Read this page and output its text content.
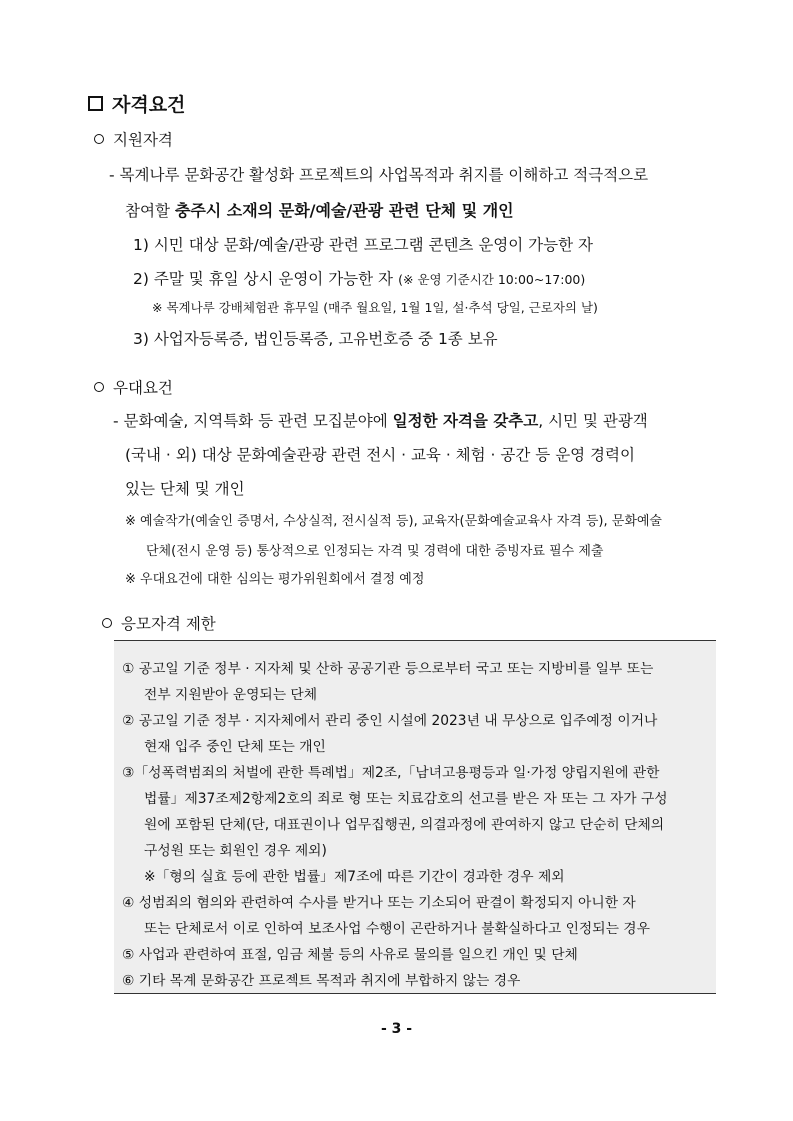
자격요건
지원자격
- 목계나루 문화공간 활성화 프로젝트의 사업목적과 취지를 이해하고 적극적으로
참여할 충주시 소재의 문화/예술/관광 관련 단체 및 개인
1) 시민 대상 문화/예술/관광 관련 프로그램 콘텐츠 운영이 가능한 자
2) 주말 및 휴일 상시 운영이 가능한 자 (※ 운영 기준시간 10:00~17:00)
※ 목계나루 강배체험관 휴무일 (매주 월요일, 1월 1일, 설·추석 당일, 근로자의 날)
3) 사업자등록증, 법인등록증, 고유번호증 중 1종 보유
우대요건
- 문화예술, 지역특화 등 관련 모집분야에 일정한 자격을 갖추고, 시민 및 관광객
(국내 · 외) 대상 문화예술관광 관련 전시 · 교육 · 체험 · 공간 등 운영 경력이
있는 단체 및 개인
※ 예술작가(예술인 증명서, 수상실적, 전시실적 등), 교육자(문화예술교육사 자격 등), 문화예술
단체(전시 운영 등) 통상적으로 인정되는 자격 및 경력에 대한 증빙자료 필수 제출
※ 우대요건에 대한 심의는 평가위원회에서 결정 예정
응모자격 제한
① 공고일 기준 정부 · 지자체 및 산하 공공기관 등으로부터 국고 또는 지방비를 일부 또는
전부 지원받아 운영되는 단체
② 공고일 기준 정부 · 지자체에서 관리 중인 시설에 2023년 내 무상으로 입주예정 이거나
현재 입주 중인 단체 또는 개인
③「성폭력범죄의 처벌에 관한 특례법」제2조,「남녀고용평등과 일·가정 양립지원에 관한
법률」제37조제2항제2호의 죄로 형 또는 치료감호의 선고를 받은 자 또는 그 자가 구성
원에 포함된 단체(단, 대표권이나 업무집행권, 의결과정에 관여하지 않고 단순히 단체의
구성원 또는 회원인 경우 제외)
※「형의 실효 등에 관한 법률」제7조에 따른 기간이 경과한 경우 제외
④ 성범죄의 혐의와 관련하여 수사를 받거나 또는 기소되어 판결이 확정되지 아니한 자
또는 단체로서 이로 인하여 보조사업 수행이 곤란하거나 불확실하다고 인정되는 경우
⑤ 사업과 관련하여 표절, 임금 체불 등의 사유로 물의를 일으킨 개인 및 단체
⑥ 기타 목계 문화공간 프로젝트 목적과 취지에 부합하지 않는 경우
- 3 -
